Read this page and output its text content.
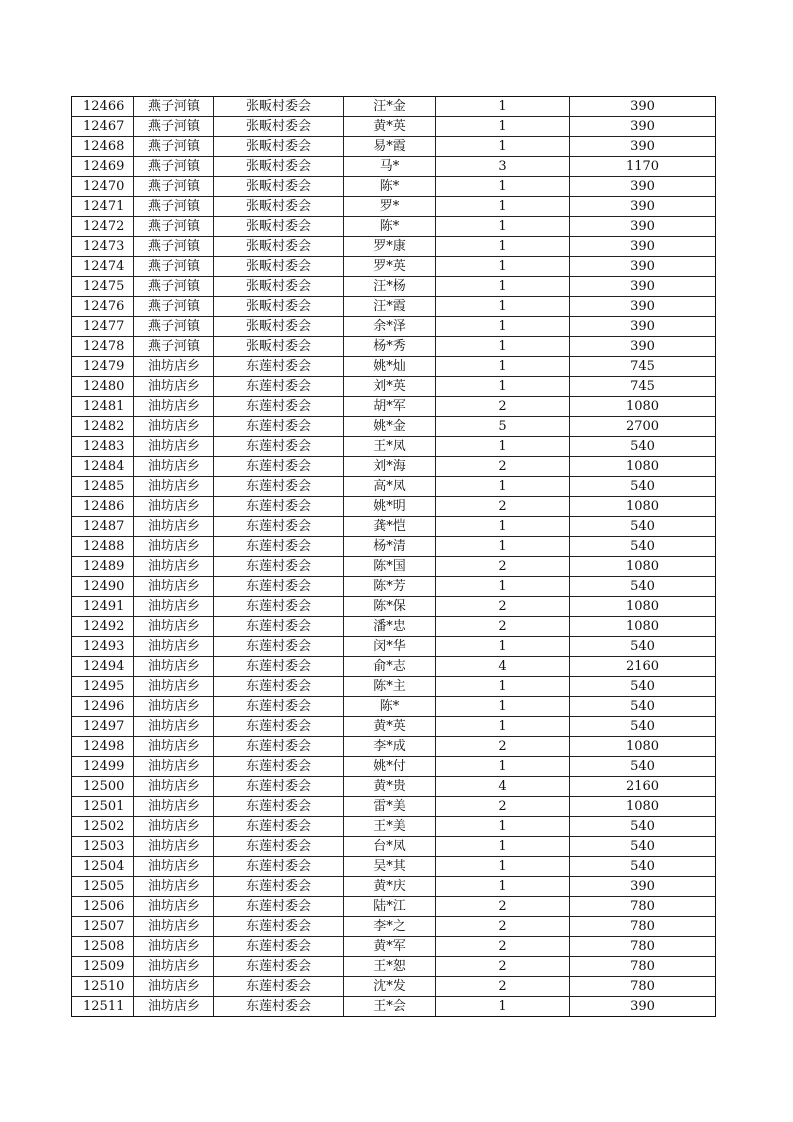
12466	燕子河镇	张畈村委会	汪*金	1	390
12467	燕子河镇	张畈村委会	黄*英	1	390
12468	燕子河镇	张畈村委会	易*霞	1	390
12469	燕子河镇	张畈村委会	马*	3	1170
12470	燕子河镇	张畈村委会	陈*	1	390
12471	燕子河镇	张畈村委会	罗*	1	390
12472	燕子河镇	张畈村委会	陈*	1	390
12473	燕子河镇	张畈村委会	罗*康	1	390
12474	燕子河镇	张畈村委会	罗*英	1	390
12475	燕子河镇	张畈村委会	汪*杨	1	390
12476	燕子河镇	张畈村委会	汪*霞	1	390
12477	燕子河镇	张畈村委会	余*泽	1	390
12478	燕子河镇	张畈村委会	杨*秀	1	390
12479	油坊店乡	东莲村委会	姚*灿	1	745
12480	油坊店乡	东莲村委会	刘*英	1	745
12481	油坊店乡	东莲村委会	胡*军	2	1080
12482	油坊店乡	东莲村委会	姚*金	5	2700
12483	油坊店乡	东莲村委会	王*凤	1	540
12484	油坊店乡	东莲村委会	刘*海	2	1080
12485	油坊店乡	东莲村委会	高*凤	1	540
12486	油坊店乡	东莲村委会	姚*明	2	1080
12487	油坊店乡	东莲村委会	龚*恺	1	540
12488	油坊店乡	东莲村委会	杨*清	1	540
12489	油坊店乡	东莲村委会	陈*国	2	1080
12490	油坊店乡	东莲村委会	陈*芳	1	540
12491	油坊店乡	东莲村委会	陈*保	2	1080
12492	油坊店乡	东莲村委会	潘*忠	2	1080
12493	油坊店乡	东莲村委会	闵*华	1	540
12494	油坊店乡	东莲村委会	俞*志	4	2160
12495	油坊店乡	东莲村委会	陈*主	1	540
12496	油坊店乡	东莲村委会	陈*	1	540
12497	油坊店乡	东莲村委会	黄*英	1	540
12498	油坊店乡	东莲村委会	李*成	2	1080
12499	油坊店乡	东莲村委会	姚*付	1	540
12500	油坊店乡	东莲村委会	黄*贵	4	2160
12501	油坊店乡	东莲村委会	雷*美	2	1080
12502	油坊店乡	东莲村委会	王*美	1	540
12503	油坊店乡	东莲村委会	台*凤	1	540
12504	油坊店乡	东莲村委会	吴*其	1	540
12505	油坊店乡	东莲村委会	黄*庆	1	390
12506	油坊店乡	东莲村委会	陆*江	2	780
12507	油坊店乡	东莲村委会	李*之	2	780
12508	油坊店乡	东莲村委会	黄*军	2	780
12509	油坊店乡	东莲村委会	王*恕	2	780
12510	油坊店乡	东莲村委会	沈*发	2	780
12511	油坊店乡	东莲村委会	王*会	1	390
